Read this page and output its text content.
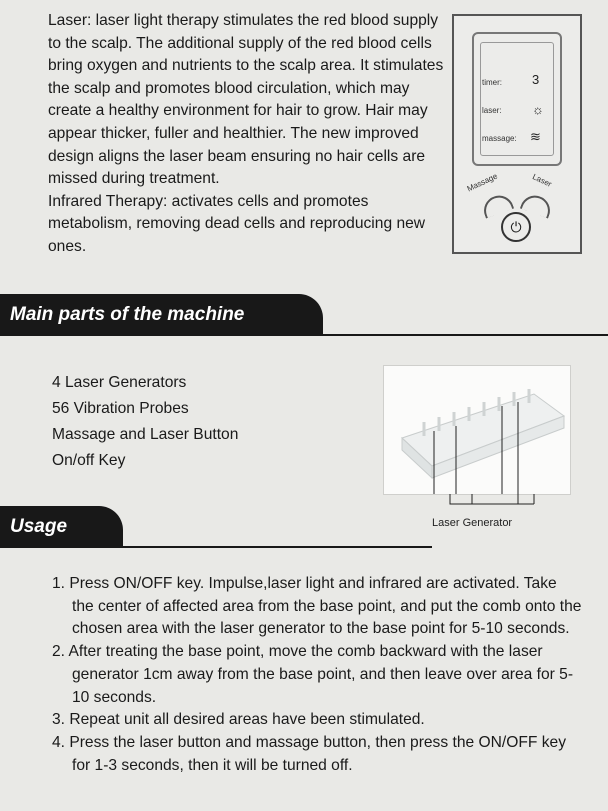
Laser: laser light therapy stimulates the red blood supply to the scalp. The additional supply of the red blood cells bring oxygen and nutrients to the scalp area. It stimulates the scalp and promotes blood circulation, which may create a healthy environment for hair to grow. Hair may appear thicker, fuller and healthier. The new improved design aligns the laser beam ensuring no hair cells are missed during treatment.

Infrared Therapy: activates cells and promotes metabolism, removing dead cells and reproducing new ones.

timer: 3
laser: ☼
massage: ≋
Massage	Laser
⏻
Main parts of the machine
4 Laser Generators
56 Vibration Probes
Massage and Laser Button
On/off Key
Laser Generator
Usage
1. Press ON/OFF key. Impulse,laser light and infrared are activated. Take the center of affected area from the base point, and put the comb onto the chosen area with the laser generator to the base point for 5-10 seconds.
2. After treating the base point, move the comb backward with the laser generator 1cm away from the base point, and then leave over area for 5-10 seconds.
3. Repeat unit all desired areas have been stimulated.
4. Press the laser button and massage button, then press the ON/OFF key for 1-3 seconds, then it will be turned off.
